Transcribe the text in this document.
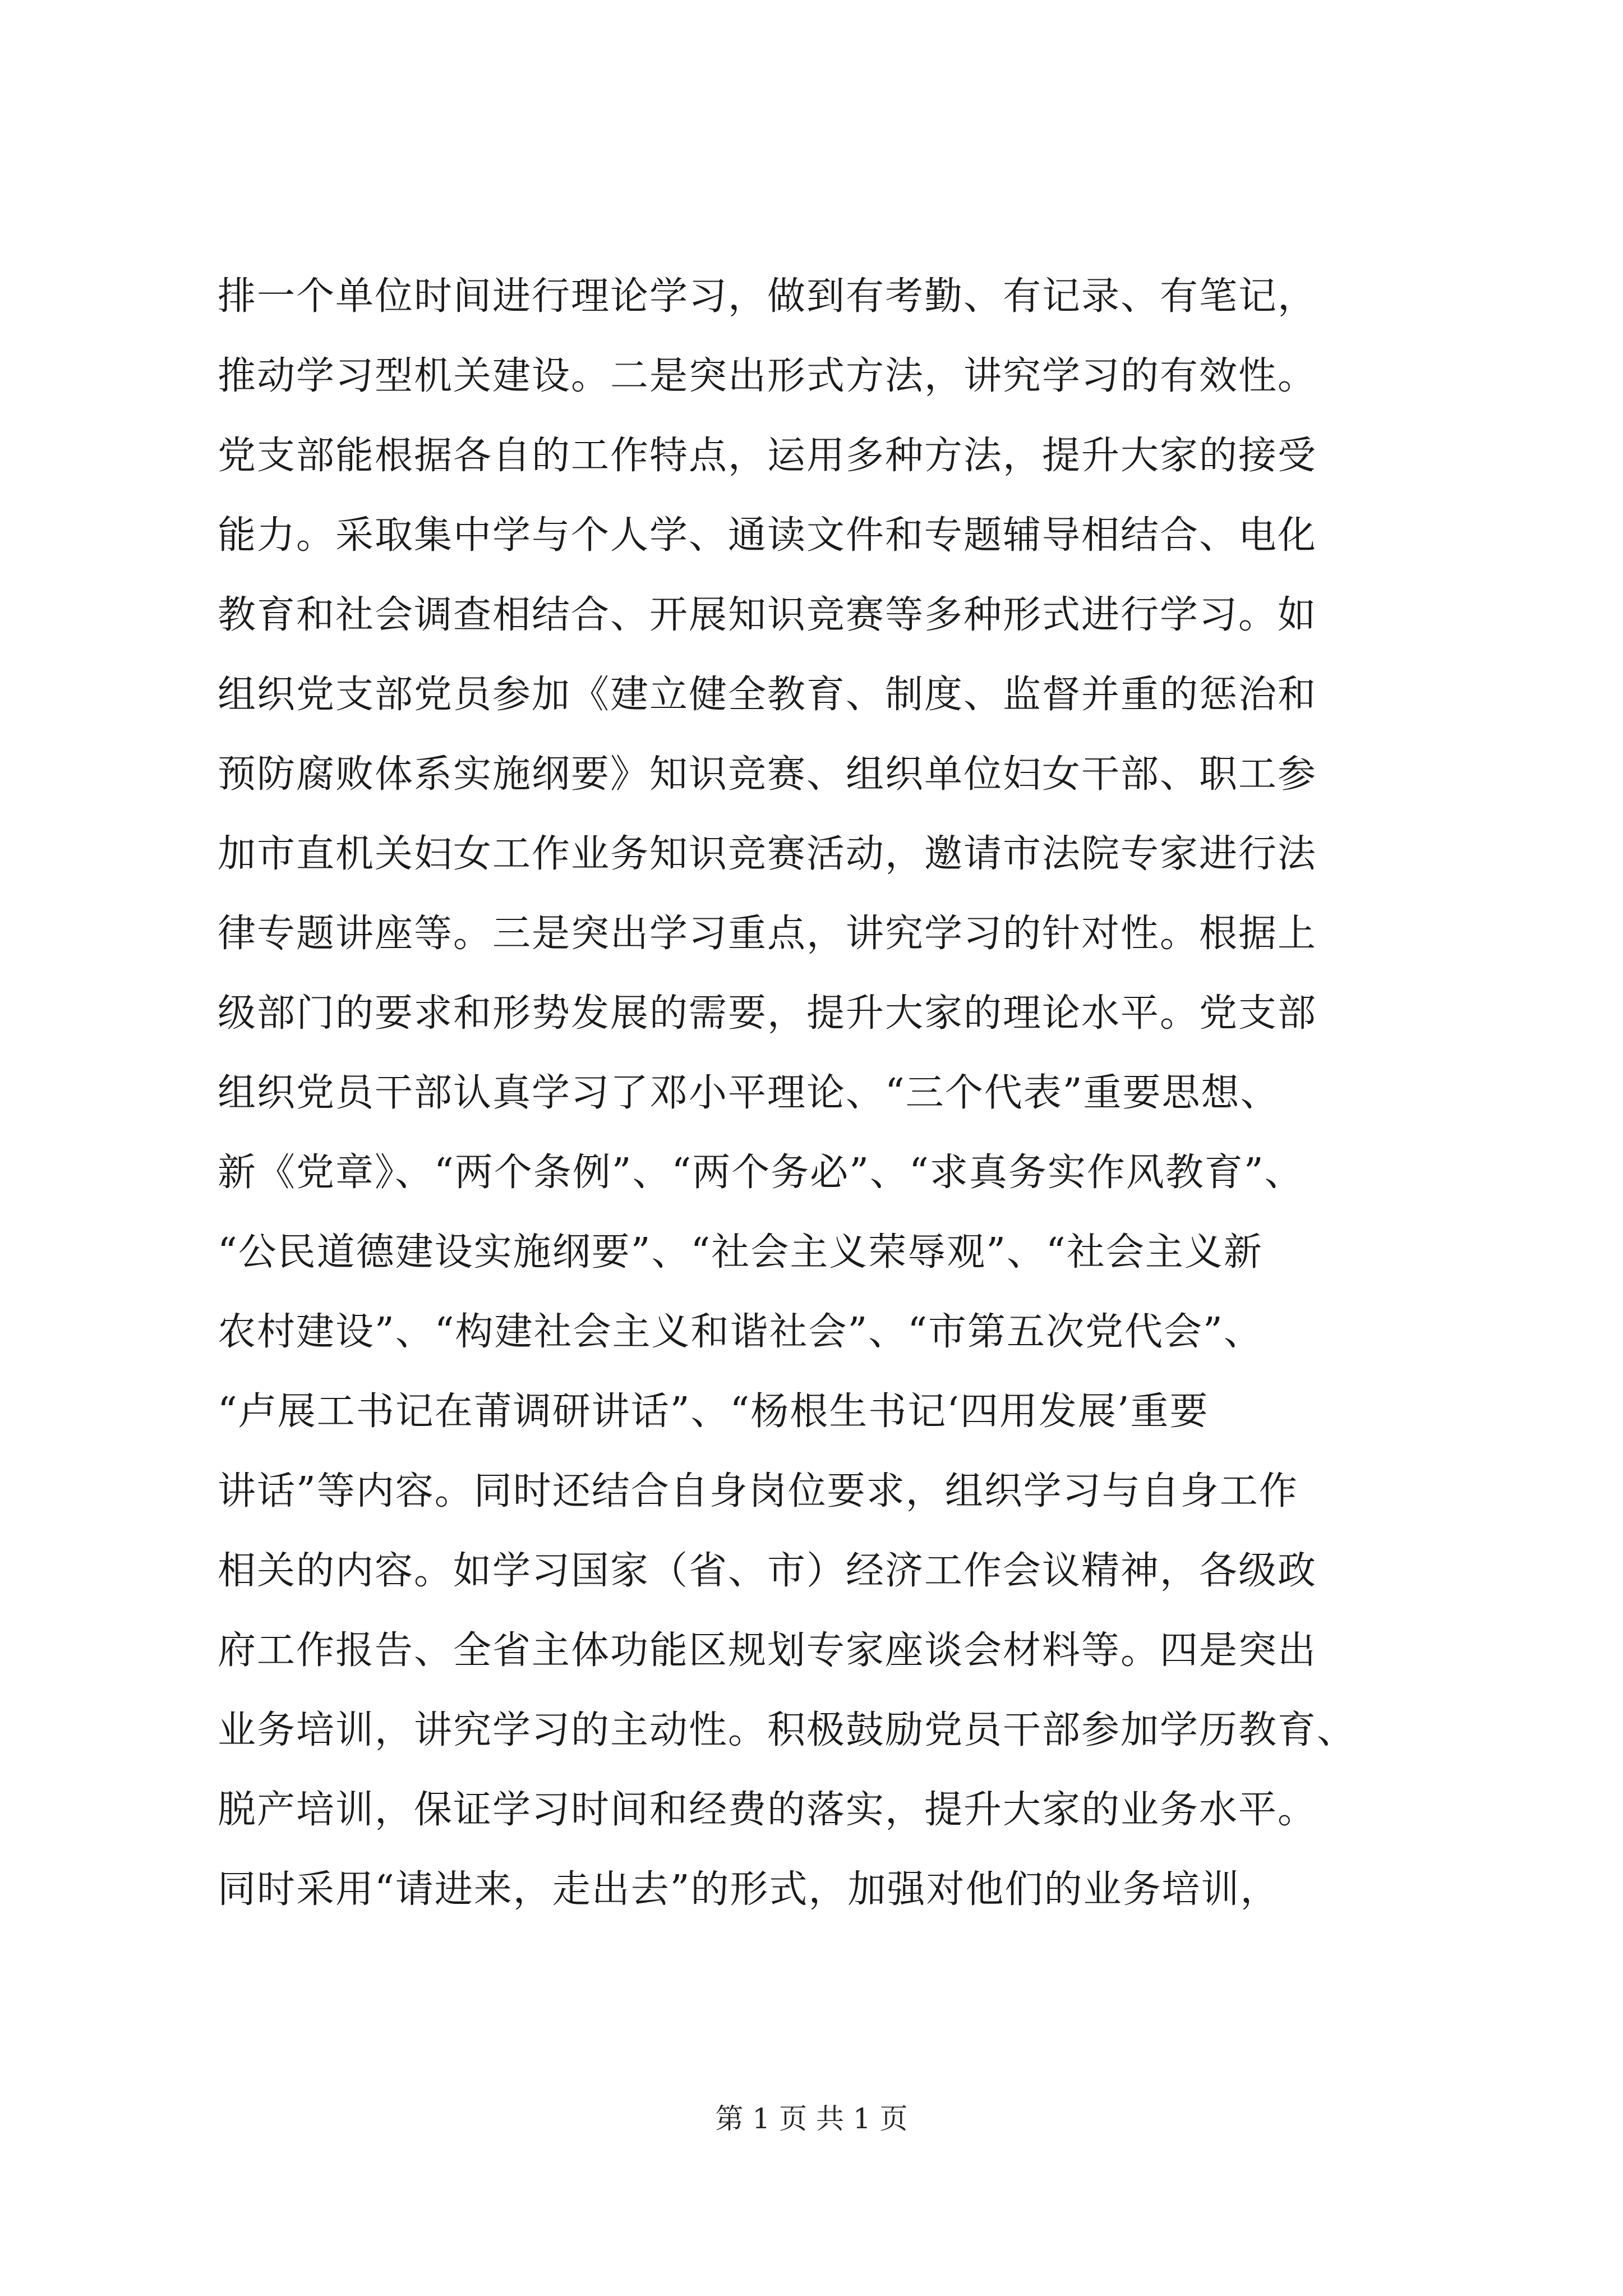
排一个单位时间进行理论学习，做到有考勤、有记录、有笔记，
推动学习型机关建设。二是突出形式方法，讲究学习的有效性。
党支部能根据各自的工作特点，运用多种方法，提升大家的接受
能力。采取集中学与个人学、通读文件和专题辅导相结合、电化
教育和社会调查相结合、开展知识竞赛等多种形式进行学习。如
组织党支部党员参加《建立健全教育、制度、监督并重的惩治和
预防腐败体系实施纲要》知识竞赛、组织单位妇女干部、职工参
加市直机关妇女工作业务知识竞赛活动，邀请市法院专家进行法
律专题讲座等。三是突出学习重点，讲究学习的针对性。根据上
级部门的要求和形势发展的需要，提升大家的理论水平。党支部
组织党员干部认真学习了邓小平理论、“三个代表”重要思想、
新《党章》、“两个条例”、“两个务必”、“求真务实作风教育”、
“公民道德建设实施纲要”、“社会主义荣辱观”、“社会主义新
农村建设”、“构建社会主义和谐社会”、“市第五次党代会”、
“卢展工书记在莆调研讲话”、“杨根生书记‘四用发展’重要
讲话”等内容。同时还结合自身岗位要求，组织学习与自身工作
相关的内容。如学习国家（省、市）经济工作会议精神，各级政
府工作报告、全省主体功能区规划专家座谈会材料等。四是突出
业务培训，讲究学习的主动性。积极鼓励党员干部参加学历教育、
脱产培训，保证学习时间和经费的落实，提升大家的业务水平。
同时采用“请进来，走出去”的形式，加强对他们的业务培训，
第 1 页 共 1 页
